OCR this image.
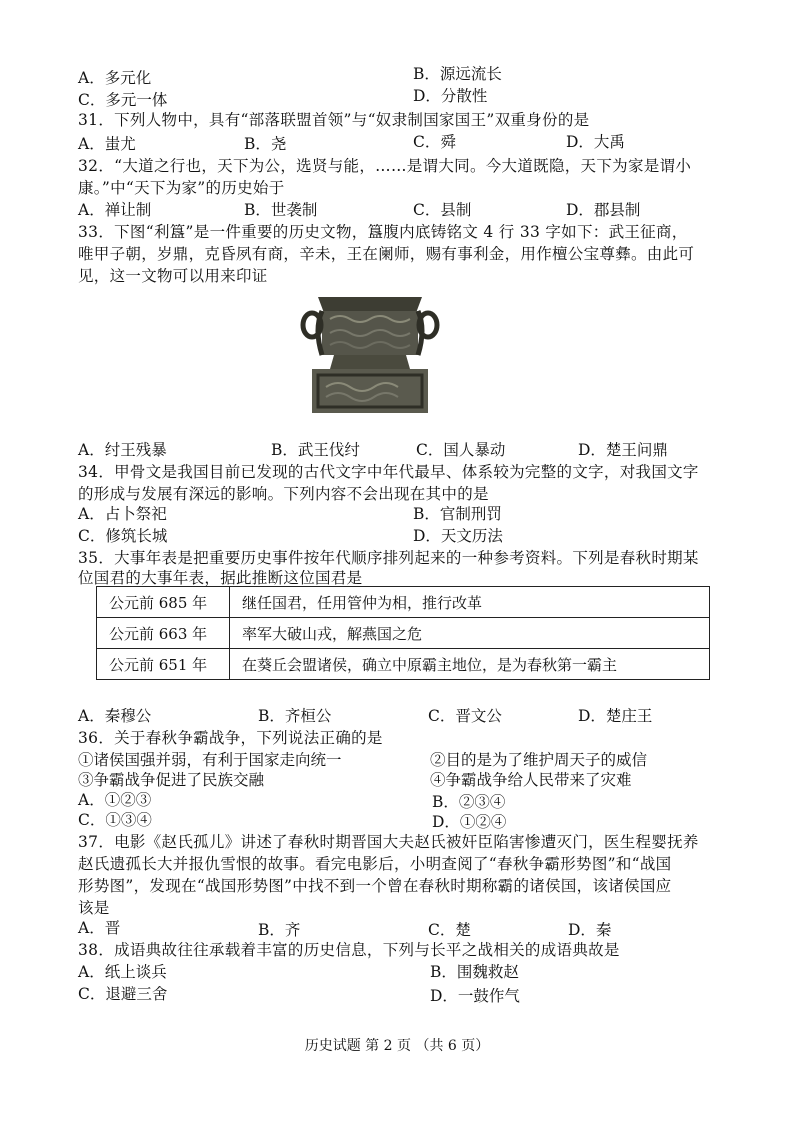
A．多元化	B．源远流长
C．多元一体	D．分散性
31．下列人物中，具有“部落联盟首领”与“奴隶制国家国王”双重身份的是
A．蚩尤	B．尧	C．舜	D．大禹
32．“大道之行也，天下为公，选贤与能，……是谓大同。今大道既隐，天下为家是谓小
康。”中“天下为家”的历史始于
A．禅让制	B．世袭制	C．县制	D．郡县制
33．下图“利簋”是一件重要的历史文物，簋腹内底铸铭文 4 行 33 字如下：武王征商，
唯甲子朝，岁鼎，克昏夙有商，辛未，王在阑师，赐有事利金，用作檀公宝尊彝。由此可
见，这一文物可以用来印证
A．纣王残暴	B．武王伐纣	C．国人暴动	D．楚王问鼎
34．甲骨文是我国目前已发现的古代文字中年代最早、体系较为完整的文字，对我国文字
的形成与发展有深远的影响。下列内容不会出现在其中的是
A．占卜祭祀	B．官制刑罚
C．修筑长城	D．天文历法
35．大事年表是把重要历史事件按年代顺序排列起来的一种参考资料。下列是春秋时期某
位国君的大事年表，据此推断这位国君是
公元前 685 年	继任国君，任用管仲为相，推行改革
公元前 663 年	率军大破山戎，解燕国之危
公元前 651 年	在葵丘会盟诸侯，确立中原霸主地位，是为春秋第一霸主
A．秦穆公	B．齐桓公	C．晋文公	D．楚庄王
36．关于春秋争霸战争，下列说法正确的是
①诸侯国强并弱，有利于国家走向统一	②目的是为了维护周天子的威信
③争霸战争促进了民族交融	④争霸战争给人民带来了灾难
A．①②③	B．②③④
C．①③④	D．①②④
37．电影《赵氏孤儿》讲述了春秋时期晋国大夫赵氏被奸臣陷害惨遭灭门，医生程婴抚养
赵氏遗孤长大并报仇雪恨的故事。看完电影后，小明查阅了“春秋争霸形势图”和“战国
形势图”，发现在“战国形势图”中找不到一个曾在春秋时期称霸的诸侯国，该诸侯国应
该是
A．晋	B．齐	C．楚	D．秦
38．成语典故往往承载着丰富的历史信息，下列与长平之战相关的成语典故是
A．纸上谈兵	B．围魏救赵
C．退避三舍	D．一鼓作气
历史试题 第 2 页 （共 6 页）
